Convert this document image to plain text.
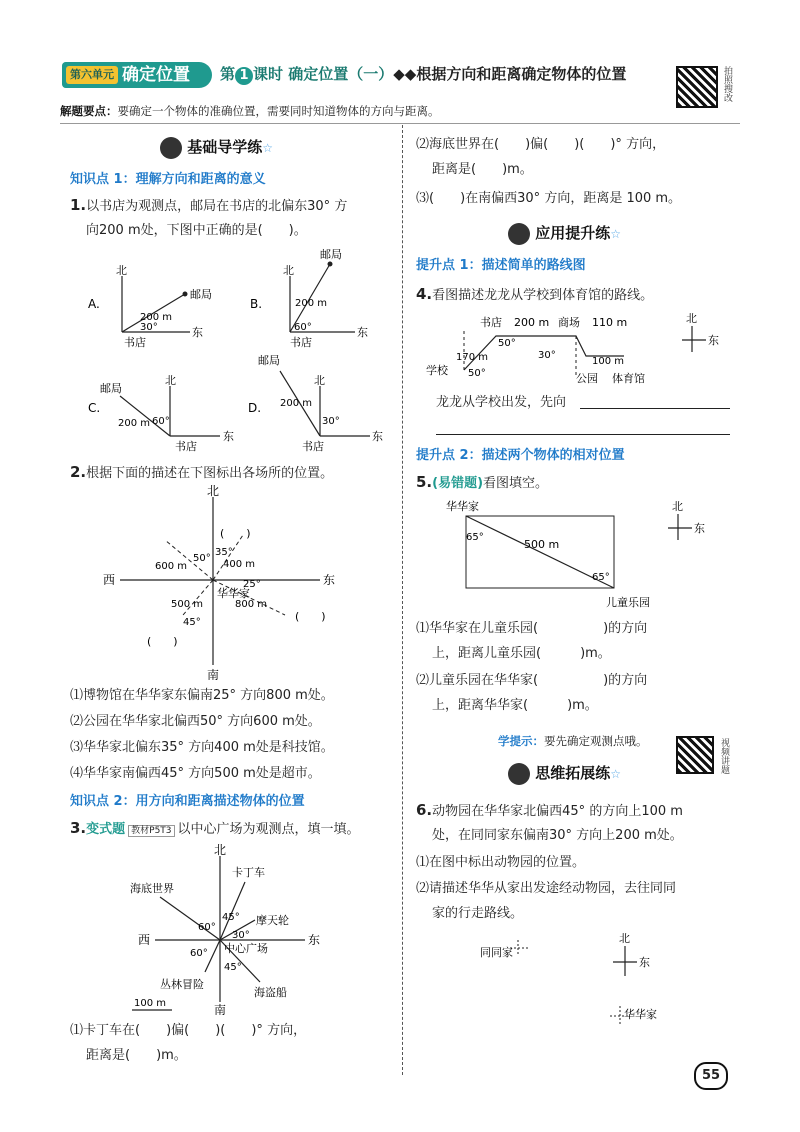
第六单元 确定位置	第 1 课时 确定位置（一）◆◆根据方向和距离确定物体的位置	拍照搜改
解题要点：要确定一个物体的准确位置，需要同时知道物体的方向与距离。
基础导学练☆
知识点 1：理解方向和距离的意义
1.以书店为观测点，邮局在书店的北偏东30° 方
向200 m处，下图中正确的是(　　)。
A.
北
东
书店
邮局
200 m
30°
B.
北
东
书店
邮局
200 m
60°
C.
北
东
书店
邮局
200 m 60°
D.
北
东
书店
邮局
200 m
30°
2.根据下面的描述在下图标出各场所的位置。
北
南
西	东
华华家
600 m	400 m
500 m	800 m
50°
35°
25°
45°
(　　)
(　　)
(　　)
⑴博物馆在华华家东偏南25° 方向800 m处。
⑵公园在华华家北偏西50° 方向600 m处。
⑶华华家北偏东35° 方向400 m处是科技馆。
⑷华华家南偏西45° 方向500 m处是超市。
知识点 2：用方向和距离描述物体的位置
3.变式题 教材P5T3 以中心广场为观测点，填一填。
北
南
西	东
中心广场
海底世界
卡丁车
摩天轮
丛林冒险
海盗船
60°
45°
30°
60°
45°
100 m
⑴卡丁车在(　　)偏(　　)(　　)° 方向，
距离是(　　)m。
⑵海底世界在(　　)偏(　　)(　　)° 方向，
距离是(　　)m。
⑶(　　)在南偏西30° 方向，距离是 100 m。
应用提升练☆
提升点 1：描述简单的路线图
4.看图描述龙龙从学校到体育馆的路线。
学校
书店 200 m 商场 110 m
170 m
50°
50°
30°
100 m
公园 体育馆
北
东
龙龙从学校出发，先向
提升点 2：描述两个物体的相对位置
5.(易错题)看图填空。
华华家
儿童乐园
500 m
65°
65°
北
东
⑴华华家在儿童乐园(　　　　　)的方向
上，距离儿童乐园(　　　)m。
⑵儿童乐园在华华家(　　　　　)的方向
上，距离华华家(　　　)m。
学提示：要先确定观测点哦。	视频讲题
思维拓展练☆
6.动物园在华华家北偏西45° 的方向上100 m
处，在同同家东偏南30° 方向上200 m处。
⑴在图中标出动物园的位置。
⑵请描述华华从家出发途经动物园，去往同同
家的行走路线。
同同家
北
东
华华家
55
